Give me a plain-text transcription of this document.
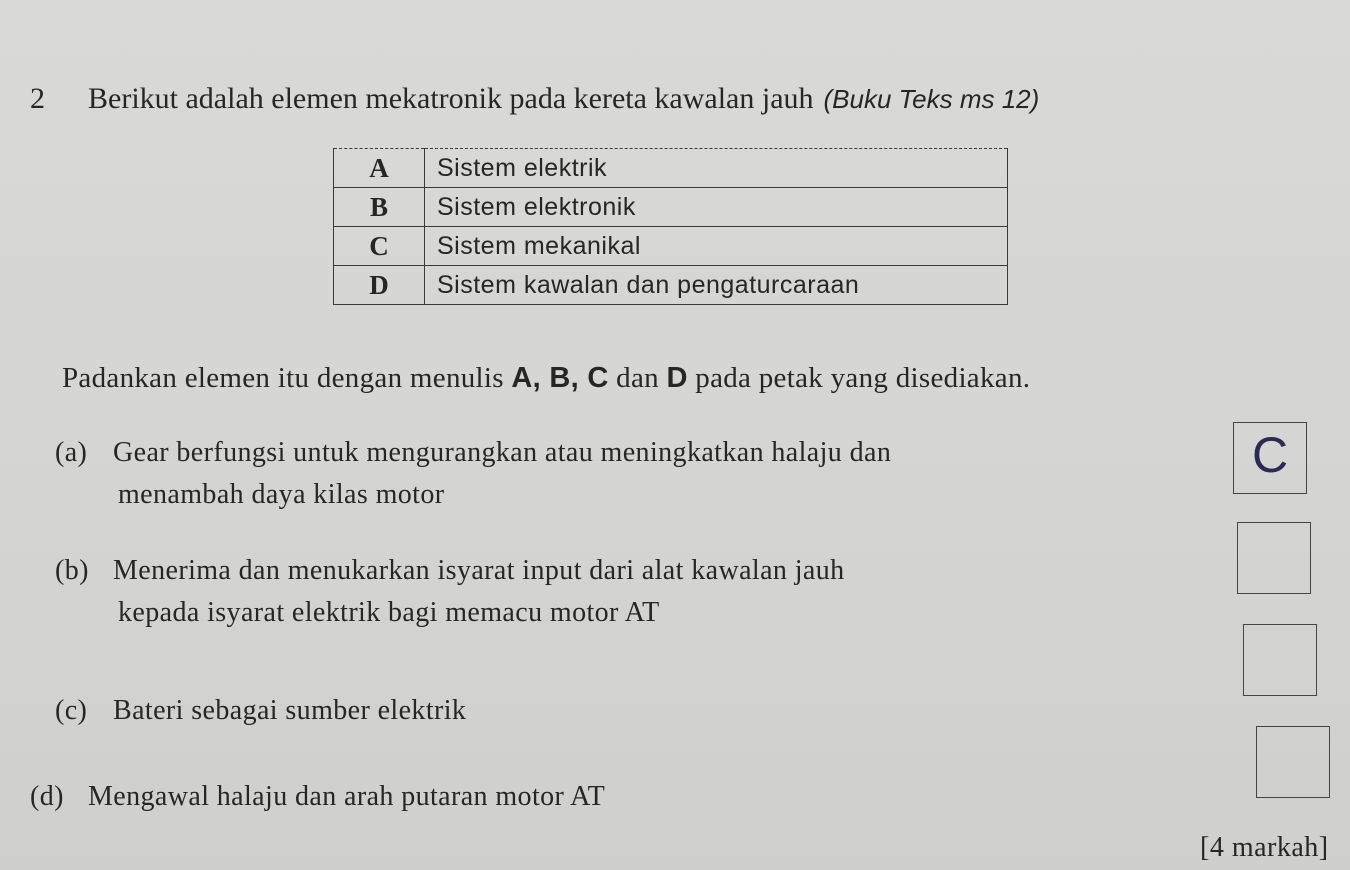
2 Berikut adalah elemen mekatronik pada kereta kawalan jauh (Buku Teks ms 12)
A	Sistem elektrik
B	Sistem elektronik
C	Sistem mekanikal
D	Sistem kawalan dan pengaturcaraan
Padankan elemen itu dengan menulis A, B, C dan D pada petak yang disediakan.
(a) Gear berfungsi untuk mengurangkan atau meningkatkan halaju dan
menambah daya kilas motor
C
(b) Menerima dan menukarkan isyarat input dari alat kawalan jauh
kepada isyarat elektrik bagi memacu motor AT
(c) Bateri sebagai sumber elektrik
(d) Mengawal halaju dan arah putaran motor AT
[4 markah]
